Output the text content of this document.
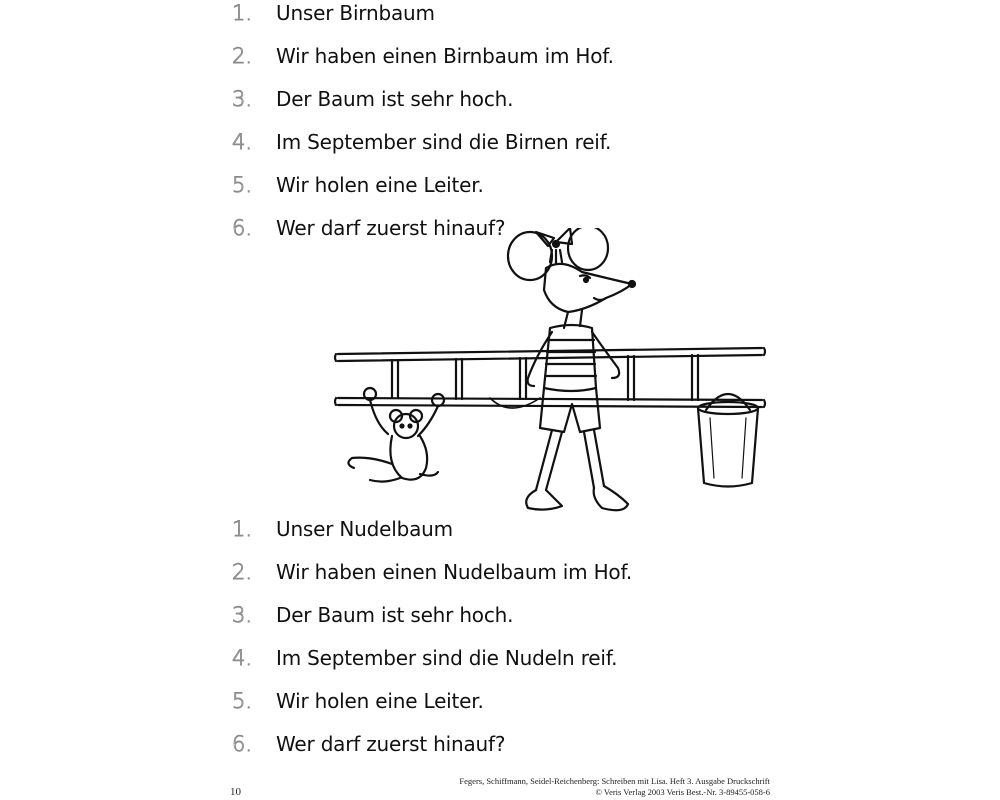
1. Unser Birnbaum
2. Wir haben einen Birnbaum im Hof.
3. Der Baum ist sehr hoch.
4. Im September sind die Birnen reif.
5. Wir holen eine Leiter.
6. Wer darf zuerst hinauf?
1. Unser Nudelbaum
2. Wir haben einen Nudelbaum im Hof.
3. Der Baum ist sehr hoch.
4. Im September sind die Nudeln reif.
5. Wir holen eine Leiter.
6. Wer darf zuerst hinauf?
10
Fegers, Schiffmann, Seidel-Reichenberg: Schreiben mit Lisa. Heft 3. Ausgabe Druckschrift
© Veris Verlag 2003 Veris Best.-Nr. 3-89455-058-6
